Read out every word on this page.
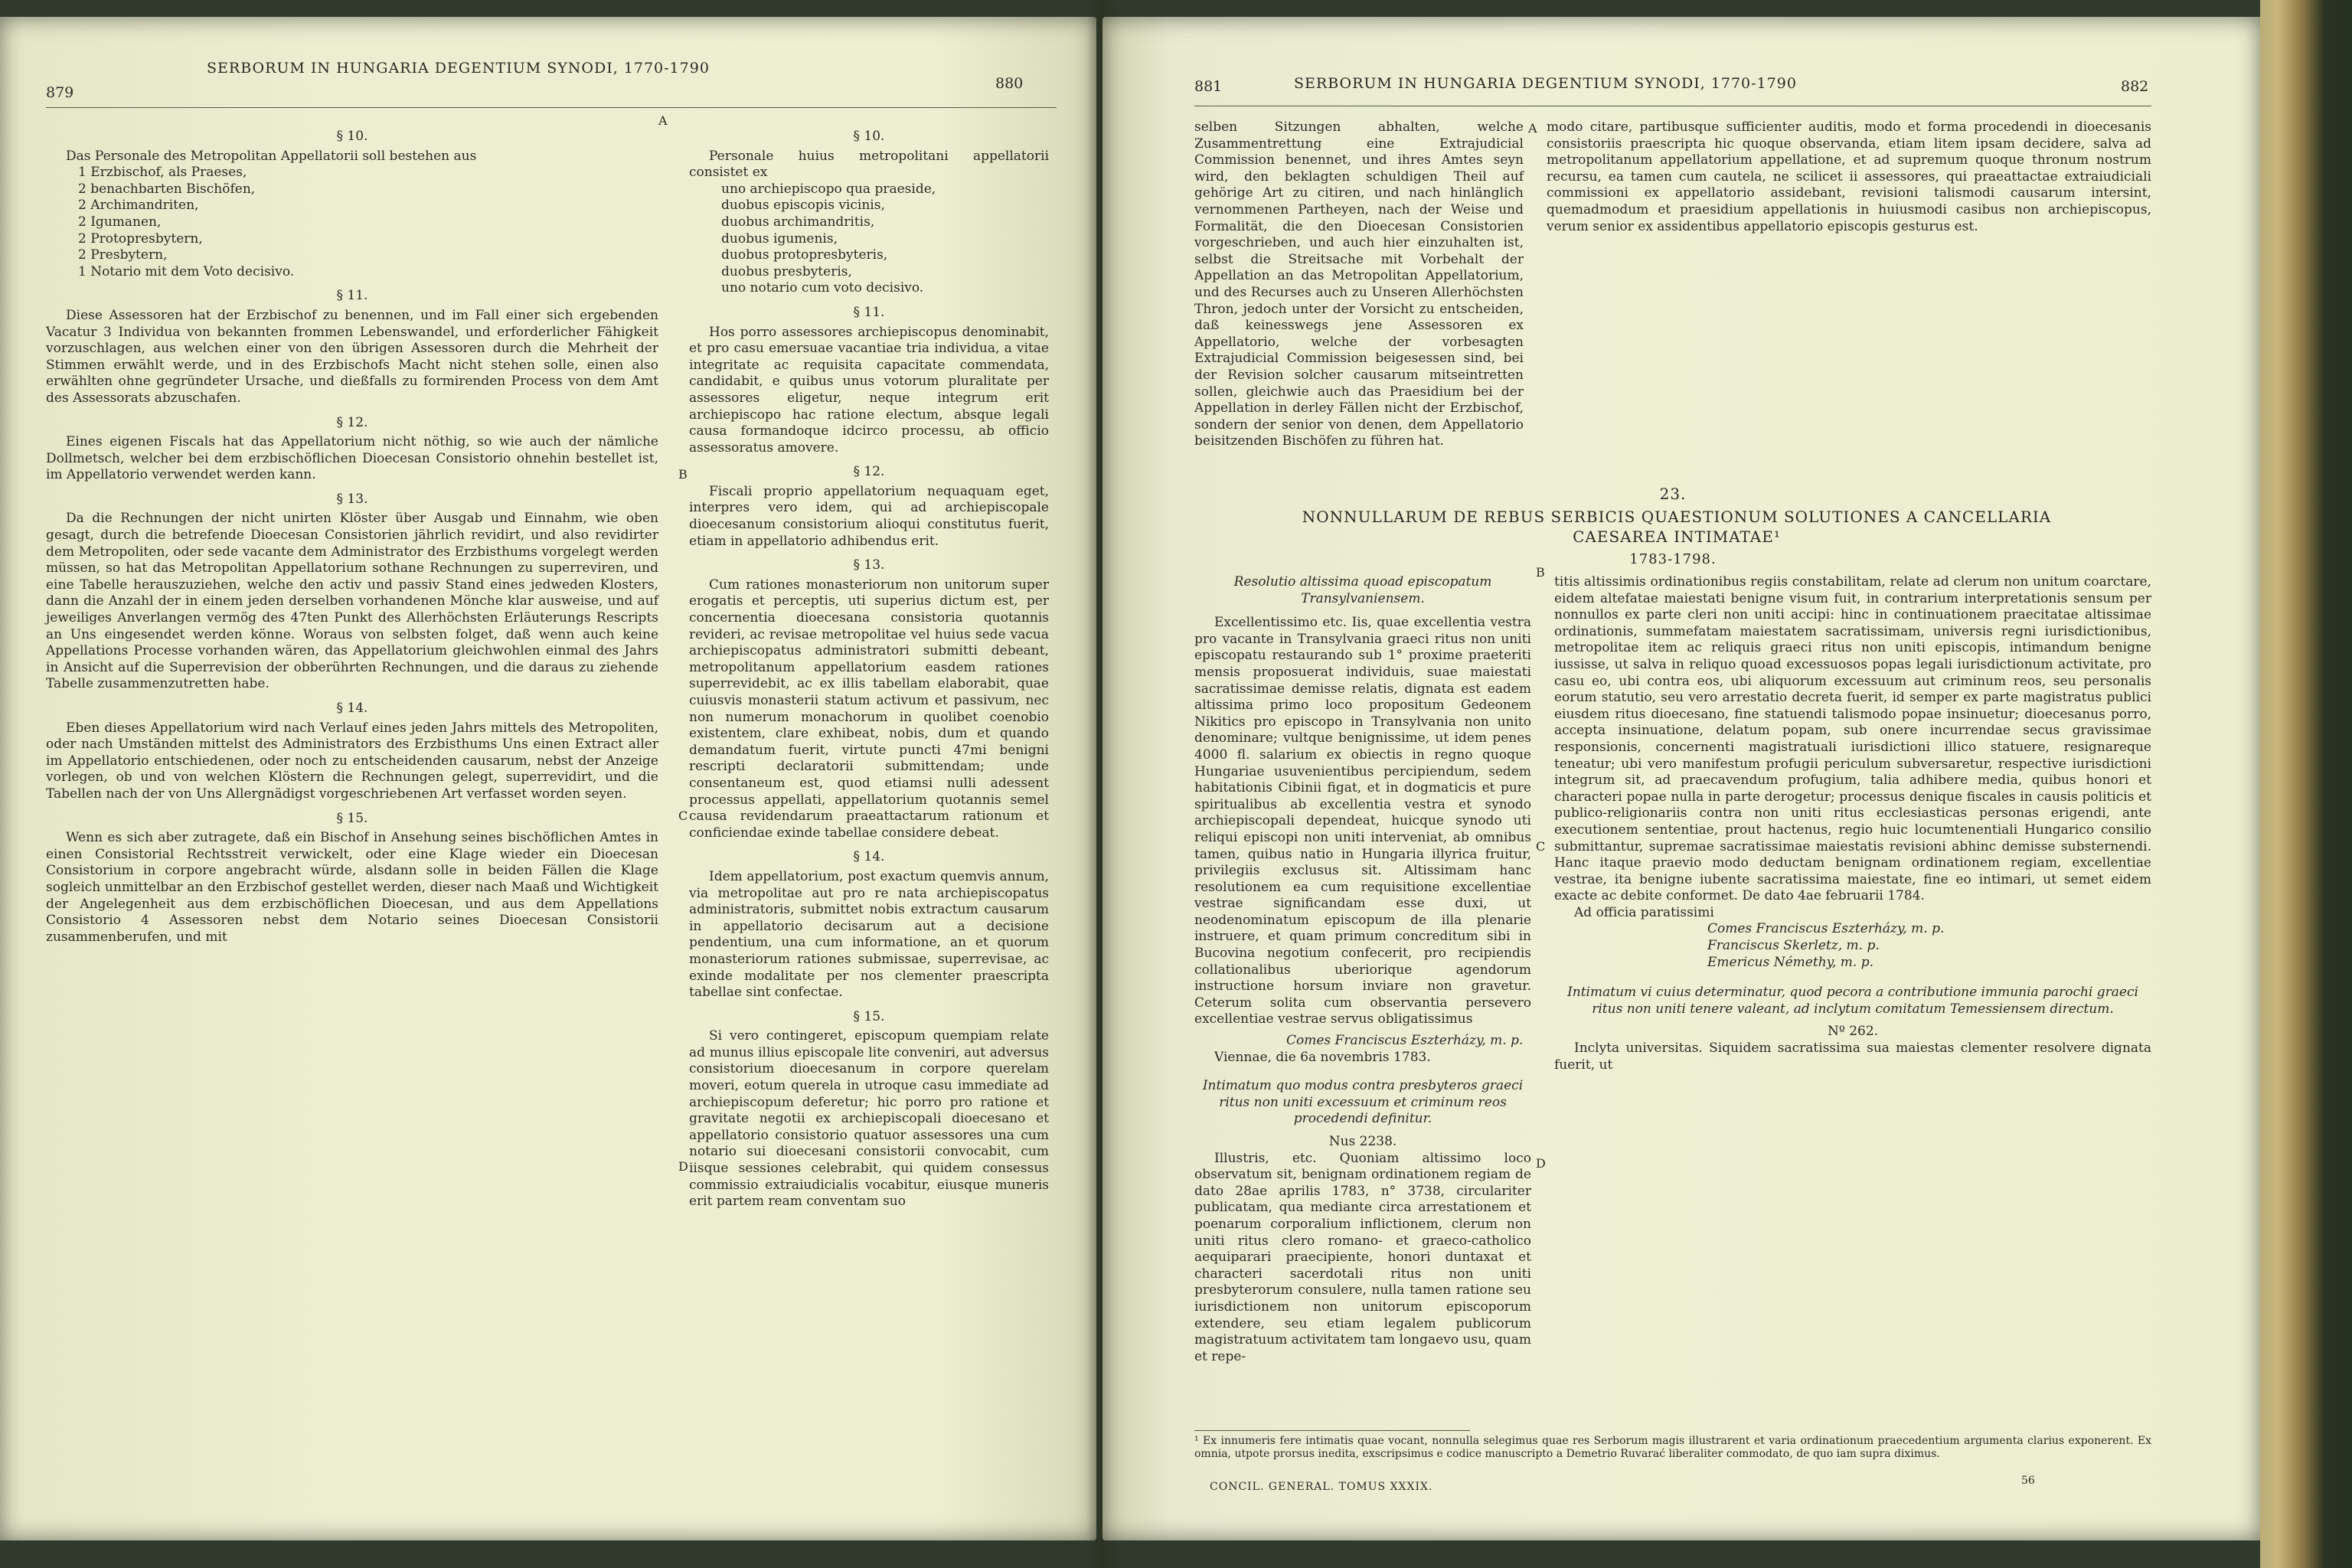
SERBORUM IN HUNGARIA DEGENTIUM SYNODI, 1770-1790
879
880
A
B
C
D

§ 10.

Das Personale des Metropolitan Appellatorii soll bestehen aus

1 Erzbischof, als Praeses,
2 benachbarten Bischöfen,
2 Archimandriten,
2 Igumanen,
2 Protopresbytern,
2 Presbytern,
1 Notario mit dem Voto decisivo.

§ 11.

Diese Assessoren hat der Erzbischof zu benennen, und im Fall einer sich ergebenden Vacatur 3 Individua von bekannten frommen Lebenswandel, und erforderlicher Fähigkeit vorzuschlagen, aus welchen einer von den übrigen Assessoren durch die Mehrheit der Stimmen erwählt werde, und in des Erzbischofs Macht nicht stehen solle, einen also erwählten ohne gegründeter Ursache, und dießfalls zu formirenden Process von dem Amt des Assessorats abzuschafen.

§ 12.

Eines eigenen Fiscals hat das Appellatorium nicht nöthig, so wie auch der nämliche Dollmetsch, welcher bei dem erzbischöflichen Dioecesan Consistorio ohnehin bestellet ist, im Appellatorio verwendet werden kann.

§ 13.

Da die Rechnungen der nicht unirten Klöster über Ausgab und Einnahm, wie oben gesagt, durch die betrefende Dioecesan Consistorien jährlich revidirt, und also revidirter dem Metropoliten, oder sede vacante dem Administrator des Erzbisthums vorgelegt werden müssen, so hat das Metropolitan Appellatorium sothane Rechnungen zu superreviren, und eine Tabelle herauszuziehen, welche den activ und passiv Stand eines jedweden Klosters, dann die Anzahl der in einem jeden derselben vorhandenen Mönche klar ausweise, und auf jeweiliges Anverlangen vermög des 47ten Punkt des Allerhöchsten Erläuterungs Rescripts an Uns eingesendet werden könne. Woraus von selbsten folget, daß wenn auch keine Appellations Processe vorhanden wären, das Appellatorium gleichwohlen einmal des Jahrs in Ansicht auf die Superrevision der obberührten Rechnungen, und die daraus zu ziehende Tabelle zusammenzutretten habe.

§ 14.

Eben dieses Appellatorium wird nach Verlauf eines jeden Jahrs mittels des Metropoliten, oder nach Umständen mittelst des Administrators des Erzbisthums Uns einen Extract aller im Appellatorio entschiedenen, oder noch zu entscheidenden causarum, nebst der Anzeige vorlegen, ob und von welchen Klöstern die Rechnungen gelegt, superrevidirt, und die Tabellen nach der von Uns Allergnädigst vorgeschriebenen Art verfasset worden seyen.

§ 15.

Wenn es sich aber zutragete, daß ein Bischof in Ansehung seines bischöflichen Amtes in einen Consistorial Rechtsstreit verwickelt, oder eine Klage wieder ein Dioecesan Consistorium in corpore angebracht würde, alsdann solle in beiden Fällen die Klage sogleich unmittelbar an den Erzbischof gestellet werden, dieser nach Maaß und Wichtigkeit der Angelegenheit aus dem erzbischöflichen Dioecesan, und aus dem Appellations Consistorio 4 Assessoren nebst dem Notario seines Dioecesan Consistorii zusammenberufen, und mit

§ 10.

Personale huius metropolitani appellatorii consistet ex

uno archiepiscopo qua praeside,
duobus episcopis vicinis,
duobus archimandritis,
duobus igumenis,
duobus protopresbyteris,
duobus presbyteris,
uno notario cum voto decisivo.

§ 11.

Hos porro assessores archiepiscopus denominabit, et pro casu emersuae vacantiae tria individua, a vitae integritate ac requisita capacitate commendata, candidabit, e quibus unus votorum pluralitate per assessores eligetur, neque integrum erit archiepiscopo hac ratione electum, absque legali causa formandoque idcirco processu, ab officio assessoratus amovere.

§ 12.

Fiscali proprio appellatorium nequaquam eget, interpres vero idem, qui ad archiepiscopale dioecesanum consistorium alioqui constitutus fuerit, etiam in appellatorio adhibendus erit.

§ 13.

Cum rationes monasteriorum non unitorum super erogatis et perceptis, uti superius dictum est, per concernentia dioecesana consistoria quotannis revideri, ac revisae metropolitae vel huius sede vacua archiepiscopatus administratori submitti debeant, metropolitanum appellatorium easdem rationes superrevidebit, ac ex illis tabellam elaborabit, quae cuiusvis monasterii statum activum et passivum, nec non numerum monachorum in quolibet coenobio existentem, clare exhibeat, nobis, dum et quando demandatum fuerit, virtute puncti 47mi benigni rescripti declaratorii submittendam; unde consentaneum est, quod etiamsi nulli adessent processus appellati, appellatorium quotannis semel causa revidendarum praeattactarum rationum et conficiendae exinde tabellae considere debeat.

§ 14.

Idem appellatorium, post exactum quemvis annum, via metropolitae aut pro re nata archiepiscopatus administratoris, submittet nobis extractum causarum in appellatorio decisarum aut a decisione pendentium, una cum informatione, an et quorum monasteriorum rationes submissae, superrevisae, ac exinde modalitate per nos clementer praescripta tabellae sint confectae.

§ 15.

Si vero contingeret, episcopum quempiam relate ad munus illius episcopale lite conveniri, aut adversus consistorium dioecesanum in corpore querelam moveri, eotum querela in utroque casu immediate ad archiepiscopum deferetur; hic porro pro ratione et gravitate negotii ex archiepiscopali dioecesano et appellatorio consistorio quatuor assessores una cum notario sui dioecesani consistorii convocabit, cum iisque sessiones celebrabit, qui quidem consessus commissio extraiudicialis vocabitur, eiusque muneris erit partem ream conventam suo

SERBORUM IN HUNGARIA DEGENTIUM SYNODI, 1770-1790
881	882
A
B
C
D

selben Sitzungen abhalten, welche Zusammentrettung eine Extrajudicial Commission benennet, und ihres Amtes seyn wird, den beklagten schuldigen Theil auf gehörige Art zu citiren, und nach hinlänglich vernommenen Partheyen, nach der Weise und Formalität, die den Dioecesan Consistorien vorgeschrieben, und auch hier einzuhalten ist, selbst die Streitsache mit Vorbehalt der Appellation an das Metropolitan Appellatorium, und des Recurses auch zu Unseren Allerhöchsten Thron, jedoch unter der Vorsicht zu entscheiden, daß keinesswegs jene Assessoren ex Appellatorio, welche der vorbesagten Extrajudicial Commission beigesessen sind, bei der Revision solcher causarum mitseintretten sollen, gleichwie auch das Praesidium bei der Appellation in derley Fällen nicht der Erzbischof, sondern der senior von denen, dem Appellatorio beisitzenden Bischöfen zu führen hat.

modo citare, partibusque sufficienter auditis, modo et forma procedendi in dioecesanis consistoriis praescripta hic quoque observanda, etiam litem ipsam decidere, salva ad metropolitanum appellatorium appellatione, et ad supremum quoque thronum nostrum recursu, ea tamen cum cautela, ne scilicet ii assessores, qui praeattactae extraiudiciali commissioni ex appellatorio assidebant, revisioni talismodi causarum intersint, quemadmodum et praesidium appellationis in huiusmodi casibus non archiepiscopus, verum senior ex assidentibus appellatorio episcopis gesturus est.

23.
NONNULLARUM DE REBUS SERBICIS QUAESTIONUM SOLUTIONES A CANCELLARIA CAESAREA INTIMATAE¹
1783-1798.

Resolutio altissima quoad episcopatum Transylvaniensem.

Excellentissimo etc. Iis, quae excellentia vestra pro vacante in Transylvania graeci ritus non uniti episcopatu restaurando sub 1° proxime praeteriti mensis proposuerat individuis, suae maiestati sacratissimae demisse relatis, dignata est eadem altissima primo loco propositum Gedeonem Nikitics pro episcopo in Transylvania non unito denominare; vultque benignissime, ut idem penes 4000 fl. salarium ex obiectis in regno quoque Hungariae usuvenientibus percipiendum, sedem habitationis Cibinii figat, et in dogmaticis et pure spiritualibus ab excellentia vestra et synodo archiepiscopali dependeat, huicque synodo uti reliqui episcopi non uniti interveniat, ab omnibus tamen, quibus natio in Hungaria illyrica fruitur, privilegiis exclusus sit. Altissimam hanc resolutionem ea cum requisitione excellentiae vestrae significandam esse duxi, ut neodenominatum episcopum de illa plenarie instruere, et quam primum concreditum sibi in Bucovina negotium confecerit, pro recipiendis collationalibus uberiorique agendorum instructione horsum inviare non gravetur. Ceterum solita cum observantia persevero excellentiae vestrae servus obligatissimus

Comes Franciscus Eszterházy, m. p.

Viennae, die 6a novembris 1783.

Intimatum quo modus contra presbyteros graeci ritus non uniti excessuum et criminum reos procedendi definitur.

Nus 2238.

Illustris, etc. Quoniam altissimo loco observatum sit, benignam ordinationem regiam de dato 28ae aprilis 1783, n° 3738, circulariter publicatam, qua mediante circa arrestationem et poenarum corporalium inflictionem, clerum non uniti ritus clero romano- et graeco-catholico aequiparari praecipiente, honori duntaxat et characteri sacerdotali ritus non uniti presbyterorum consulere, nulla tamen ratione seu iurisdictionem non unitorum episcoporum extendere, seu etiam legalem publicorum magistratuum activitatem tam longaevo usu, quam et repe-

titis altissimis ordinationibus regiis constabilitam, relate ad clerum non unitum coarctare, eidem altefatae maiestati benigne visum fuit, in contrarium interpretationis sensum per nonnullos ex parte cleri non uniti accipi: hinc in continuationem praecitatae altissimae ordinationis, summefatam maiestatem sacratissimam, universis regni iurisdictionibus, metropolitae item ac reliquis graeci ritus non uniti episcopis, intimandum benigne iussisse, ut salva in reliquo quoad excessuosos popas legali iurisdictionum activitate, pro casu eo, ubi contra eos, ubi aliquorum excessuum aut criminum reos, seu personalis eorum statutio, seu vero arrestatio decreta fuerit, id semper ex parte magistratus publici eiusdem ritus dioecesano, fine statuendi talismodo popae insinuetur; dioecesanus porro, accepta insinuatione, delatum popam, sub onere incurrendae secus gravissimae responsionis, concernenti magistratuali iurisdictioni illico statuere, resignareque teneatur; ubi vero manifestum profugii periculum subversaretur, respective iurisdictioni integrum sit, ad praecavendum profugium, talia adhibere media, quibus honori et characteri popae nulla in parte derogetur; processus denique fiscales in causis politicis et publico-religionariis contra non uniti ritus ecclesiasticas personas erigendi, ante executionem sententiae, prout hactenus, regio huic locumtenentiali Hungarico consilio submittantur, supremae sacratissimae maiestatis revisioni abhinc demisse substernendi. Hanc itaque praevio modo deductam benignam ordinationem regiam, excellentiae vestrae, ita benigne iubente sacratissima maiestate, fine eo intimari, ut semet eidem exacte ac debite conformet. De dato 4ae februarii 1784.

Ad officia paratissimi

Comes Franciscus Eszterházy, m. p.

Franciscus Skerletz, m. p.

Emericus Némethy, m. p.

Intimatum vi cuius determinatur, quod pecora a contributione immunia parochi graeci ritus non uniti tenere valeant, ad inclytum comitatum Temessiensem directum.

Nº 262.

Inclyta universitas. Siquidem sacratissima sua maiestas clementer resolvere dignata fuerit, ut

¹ Ex innumeris fere intimatis quae vocant, nonnulla selegimus quae res Serborum magis illustrarent et varia ordinationum praecedentium argumenta clarius exponerent. Ex omnia, utpote prorsus inedita, exscripsimus e codice manuscripto a Demetrio Ruvarać liberaliter commodato, de quo iam supra diximus.
CONCIL. GENERAL. TOMUS XXXIX.	56
